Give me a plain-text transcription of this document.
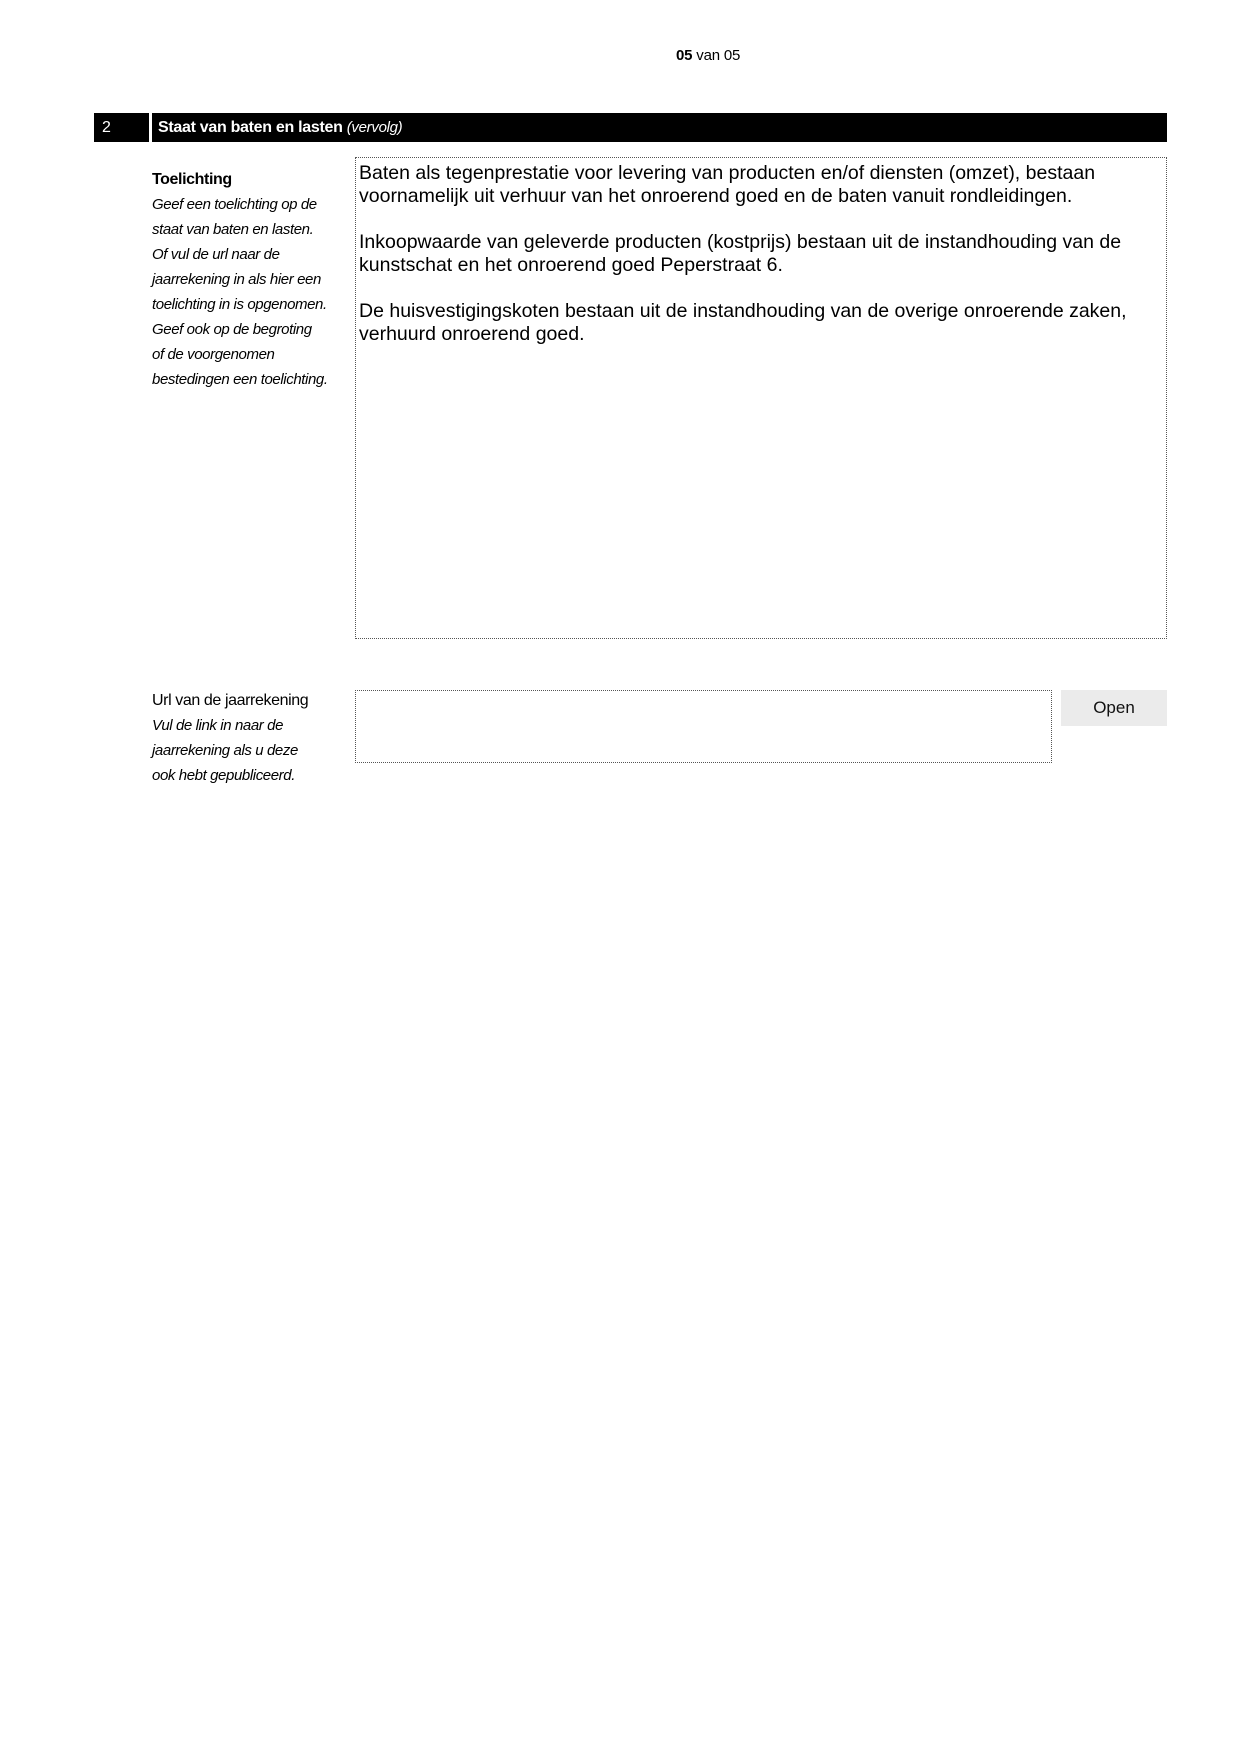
05 van 05
2	Staat van baten en lasten (vervolg)
Toelichting
Geef een toelichting op de
staat van baten en lasten.
Of vul de url naar de
jaarrekening in als hier een
toelichting in is opgenomen.
Geef ook op de begroting
of de voorgenomen
bestedingen een toelichting.

Baten als tegenprestatie voor levering van producten en/of diensten (omzet), bestaan voornamelijk uit verhuur van het onroerend goed en de baten vanuit rondleidingen.

Inkoopwaarde van geleverde producten (kostprijs) bestaan uit de instandhouding van de kunstschat en het onroerend goed Peperstraat 6.

De huisvestigingskoten bestaan uit de instandhouding van de overige onroerende zaken, verhuurd onroerend goed.

Url van de jaarrekening
Vul de link in naar de
jaarrekening als u deze
ook hebt gepubliceerd.
Open
